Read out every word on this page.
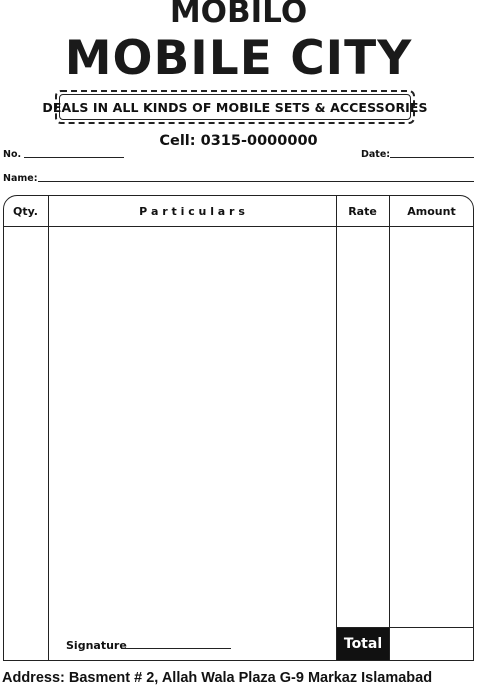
MOBILO
MOBILE CITY
DEALS IN ALL KINDS OF MOBILE SETS & ACCESSORIES
Cell: 0315-0000000
No.	Date:
Name:
Qty.	P a r t i c u l a r s	Rate	Amount
Signature	Total
Address: Basment # 2, Allah Wala Plaza G-9 Markaz Islamabad
